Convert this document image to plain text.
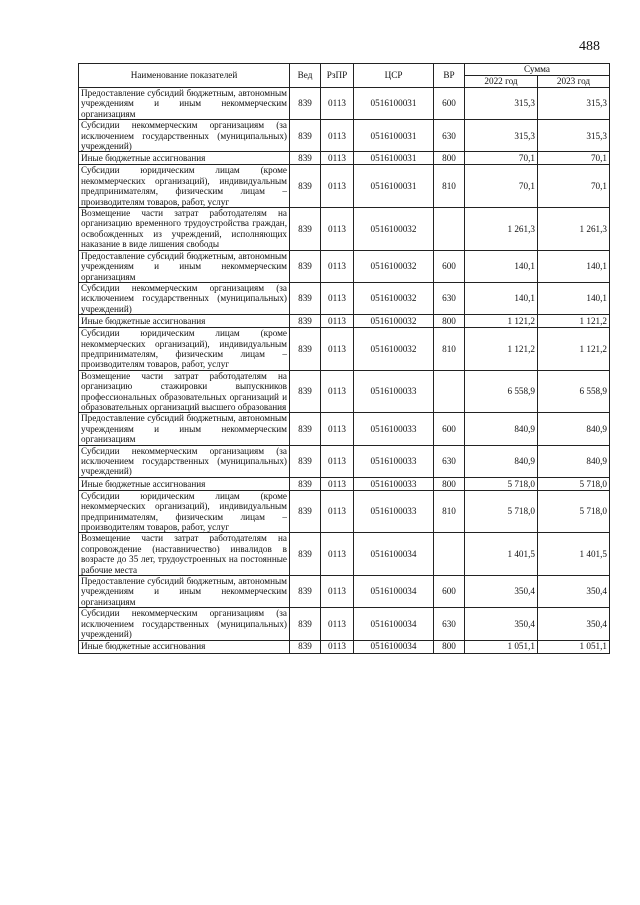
488
Наименование показателей	Вед	РзПР	ЦСР	ВР	Сумма	
					2022 год	2023 год
Предоставление субсидий бюджетным, автономным учреждениям и иным некоммерческим организациям	839	0113	0516100031	600	315,3	315,3
Субсидии некоммерческим организациям (за исключением государственных (муниципальных) учреждений)	839	0113	0516100031	630	315,3	315,3
Иные бюджетные ассигнования	839	0113	0516100031	800	70,1	70,1
Субсидии юридическим лицам (кроме некоммерческих организаций), индивидуальным предпринимателям, физическим лицам – производителям товаров, работ, услуг	839	0113	0516100031	810	70,1	70,1
Возмещение части затрат работодателям на организацию временного трудоустройства граждан, освобожденных из учреждений, исполняющих наказание в виде лишения свободы	839	0113	0516100032		1 261,3	1 261,3
Предоставление субсидий бюджетным, автономным учреждениям и иным некоммерческим организациям	839	0113	0516100032	600	140,1	140,1
Субсидии некоммерческим организациям (за исключением государственных (муниципальных) учреждений)	839	0113	0516100032	630	140,1	140,1
Иные бюджетные ассигнования	839	0113	0516100032	800	1 121,2	1 121,2
Субсидии юридическим лицам (кроме некоммерческих организаций), индивидуальным предпринимателям, физическим лицам – производителям товаров, работ, услуг	839	0113	0516100032	810	1 121,2	1 121,2
Возмещение части затрат работодателям на организацию стажировки выпускников профессиональных образовательных организаций и образовательных организаций высшего образования	839	0113	0516100033		6 558,9	6 558,9
Предоставление субсидий бюджетным, автономным учреждениям и иным некоммерческим организациям	839	0113	0516100033	600	840,9	840,9
Субсидии некоммерческим организациям (за исключением государственных (муниципальных) учреждений)	839	0113	0516100033	630	840,9	840,9
Иные бюджетные ассигнования	839	0113	0516100033	800	5 718,0	5 718,0
Субсидии юридическим лицам (кроме некоммерческих организаций), индивидуальным предпринимателям, физическим лицам – производителям товаров, работ, услуг	839	0113	0516100033	810	5 718,0	5 718,0
Возмещение части затрат работодателям на сопровождение (наставничество) инвалидов в возрасте до 35 лет, трудоустроенных на постоянные рабочие места	839	0113	0516100034		1 401,5	1 401,5
Предоставление субсидий бюджетным, автономным учреждениям и иным некоммерческим организациям	839	0113	0516100034	600	350,4	350,4
Субсидии некоммерческим организациям (за исключением государственных (муниципальных) учреждений)	839	0113	0516100034	630	350,4	350,4
Иные бюджетные ассигнования	839	0113	0516100034	800	1 051,1	1 051,1
